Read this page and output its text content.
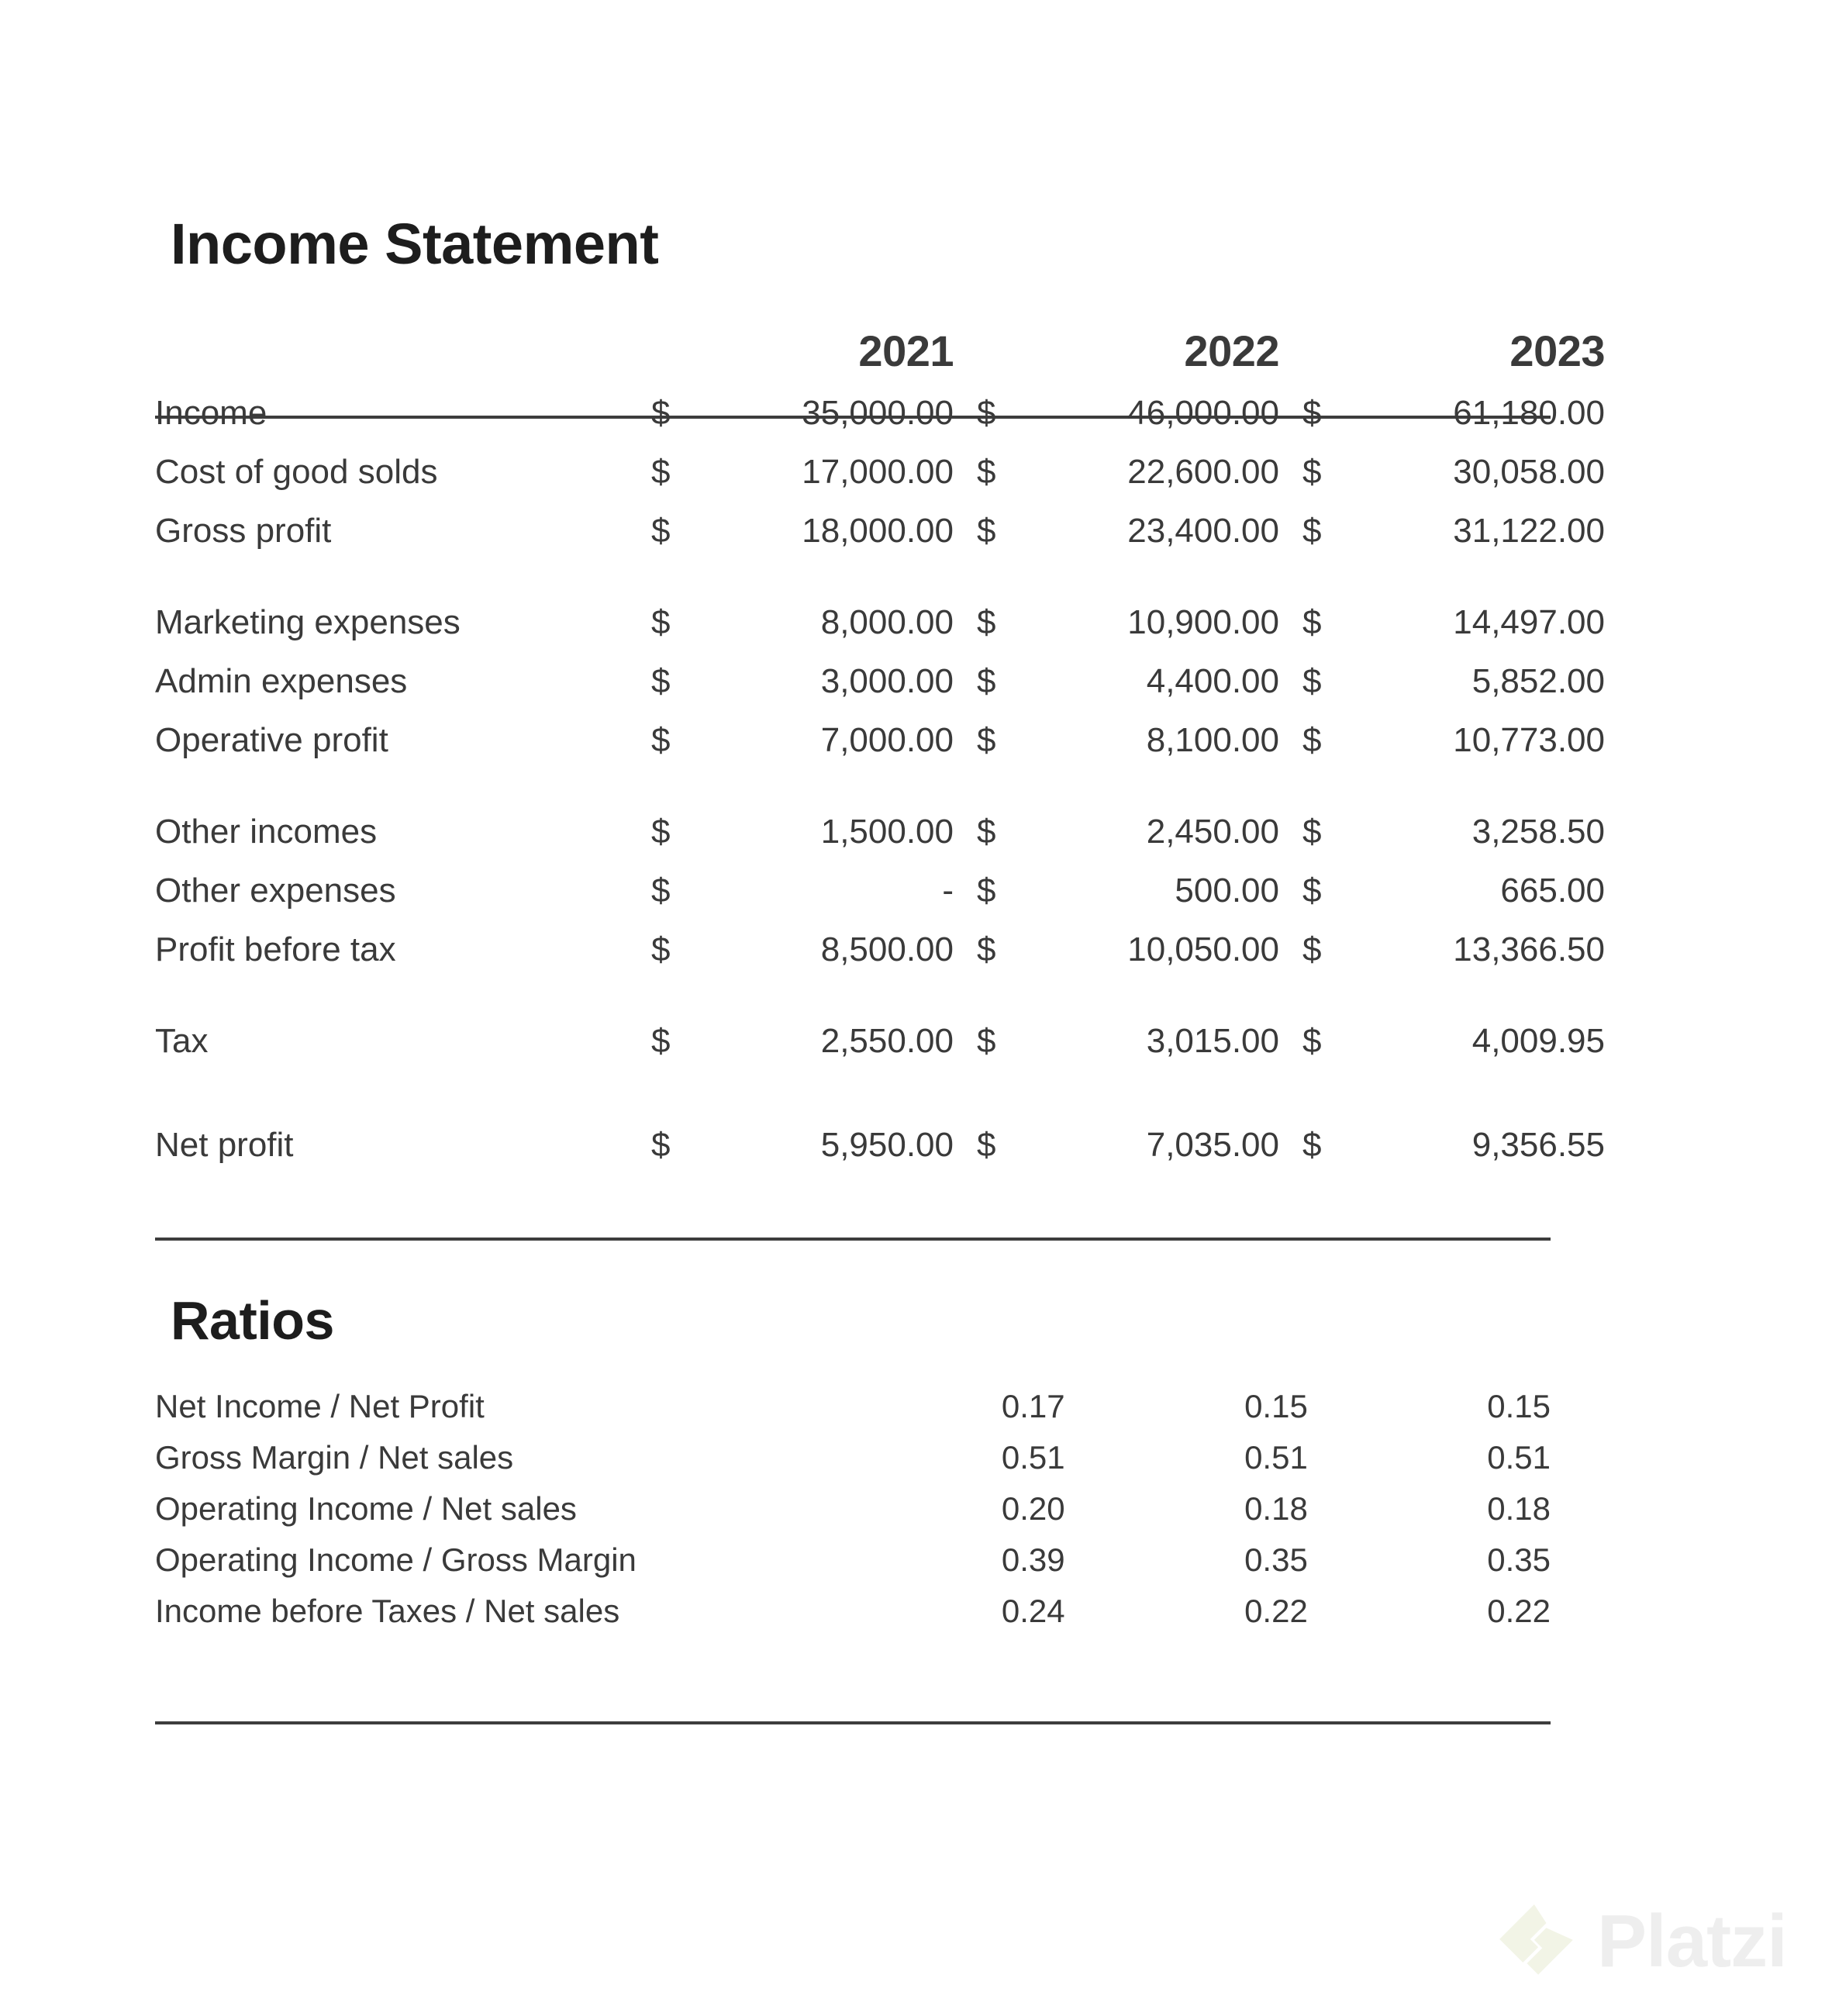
Income Statement
		2021			2022			2023
Income	$	35,000.00		$	46,000.00		$	61,180.00
Cost of good solds	$	17,000.00		$	22,600.00		$	30,058.00
Gross profit	$	18,000.00		$	23,400.00		$	31,122.00

Marketing expenses	$	8,000.00		$	10,900.00		$	14,497.00
Admin expenses	$	3,000.00		$	4,400.00		$	5,852.00
Operative profit	$	7,000.00		$	8,100.00		$	10,773.00

Other incomes	$	1,500.00		$	2,450.00		$	3,258.50
Other expenses	$	-		$	500.00		$	665.00
Profit before tax	$	8,500.00		$	10,050.00		$	13,366.50

Tax	$	2,550.00		$	3,015.00		$	4,009.95

Net profit	$	5,950.00		$	7,035.00		$	9,356.55
Ratios
Net Income / Net Profit	0.17	0.15	0.15
Gross Margin / Net sales	0.51	0.51	0.51
Operating Income / Net sales	0.20	0.18	0.18
Operating Income / Gross Margin	0.39	0.35	0.35
Income before Taxes / Net sales	0.24	0.22	0.22
Platzi
